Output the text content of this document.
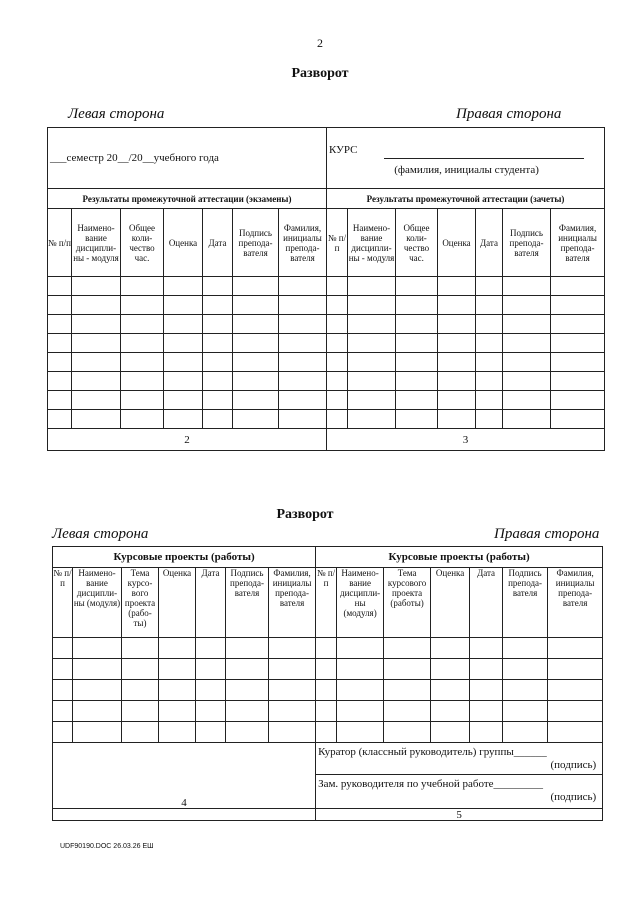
2
Разворот
Левая сторона	Правая сторона
___семестр 20__/20__учебного года							КУРС
(фамилия, инициалы студента)						

Результаты промежуточной аттестации (экзамены)							Результаты промежуточной аттестации (зачеты)						
№ п/п	Наимено-вание дисципли-ны - модуля	Общее коли-чество час.	Оценка	Дата	Подпись препода-вателя	Фамилия, инициалы препода-вателя	№ п/п	Наимено-вание дисципли-ны - модуля	Общее коли-чество час.	Оценка	Дата	Подпись препода-вателя	Фамилия, инициалы препода-вателя

2							3						
Разворот
Левая сторона	Правая сторона
Курсовые проекты (работы)							Курсовые проекты (работы)						
№ п/п	Наимено-вание дисципли-ны (модуля)	Тема курсо-вого проекта (рабо-ты)	Оценка	Дата	Подпись препода-вателя	Фамилия, инициалы препода-вателя	№ п/п	Наимено-вание дисципли-ны (модуля)	Тема курсового проекта (работы)	Оценка	Дата	Подпись препода-вателя	Фамилия, инициалы препода-вателя

4							Куратор (классный руководитель) группы______
(подпись)						

							Зам. руководителя по учебной работе_________
(подпись)						

							5						
UDF90190.DOC 26.03.26 ЕШ
